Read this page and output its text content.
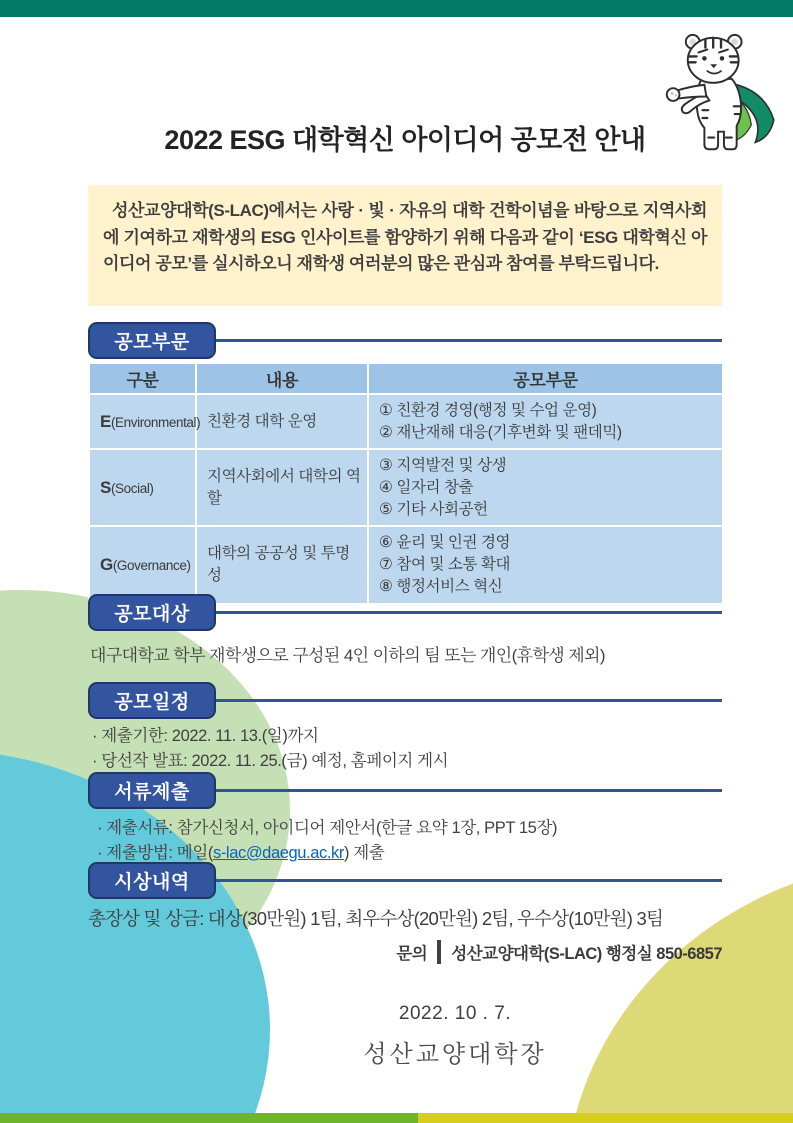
2022 ESG 대학혁신 아이디어 공모전 안내

성산교양대학(S-LAC)에서는 사랑 · 빛 · 자유의 대학 건학이념을 바탕으로 지역사회에 기여하고 재학생의 ESG 인사이트를 함양하기 위해 다음과 같이 ‘ESG 대학혁신 아이디어 공모’를 실시하오니 재학생 여러분의 많은 관심과 참여를 부탁드립니다.

공모부문
구분	내용	공모부문
E(Environmental)	친환경 대학 운영	① 친환경 경영(행정 및 수업 운영)
② 재난재해 대응(기후변화 및 팬데믹)

S(Social)	지역사회에서 대학의 역할	③ 지역발전 및 상생
④ 일자리 창출
⑤ 기타 사회공헌

G(Governance)	대학의 공공성 및 투명성	⑥ 윤리 및 인권 경영
⑦ 참여 및 소통 확대
⑧ 행정서비스 혁신
공모대상
대구대학교 학부 재학생으로 구성된 4인 이하의 팀 또는 개인(휴학생 제외)
공모일정
· 제출기한: 2022. 11. 13.(일)까지
· 당선작 발표: 2022. 11. 25.(금) 예정, 홈페이지 게시
서류제출
· 제출서류: 참가신청서, 아이디어 제안서(한글 요약 1장, PPT 15장)
· 제출방법: 메일(s-lac@daegu.ac.kr) 제출
시상내역
총장상 및 상금: 대상(30만원) 1팀, 최우수상(20만원) 2팀, 우수상(10만원) 3팀
문의 성산교양대학(S-LAC) 행정실 850-6857
2022. 10 . 7.
성산교양대학장
